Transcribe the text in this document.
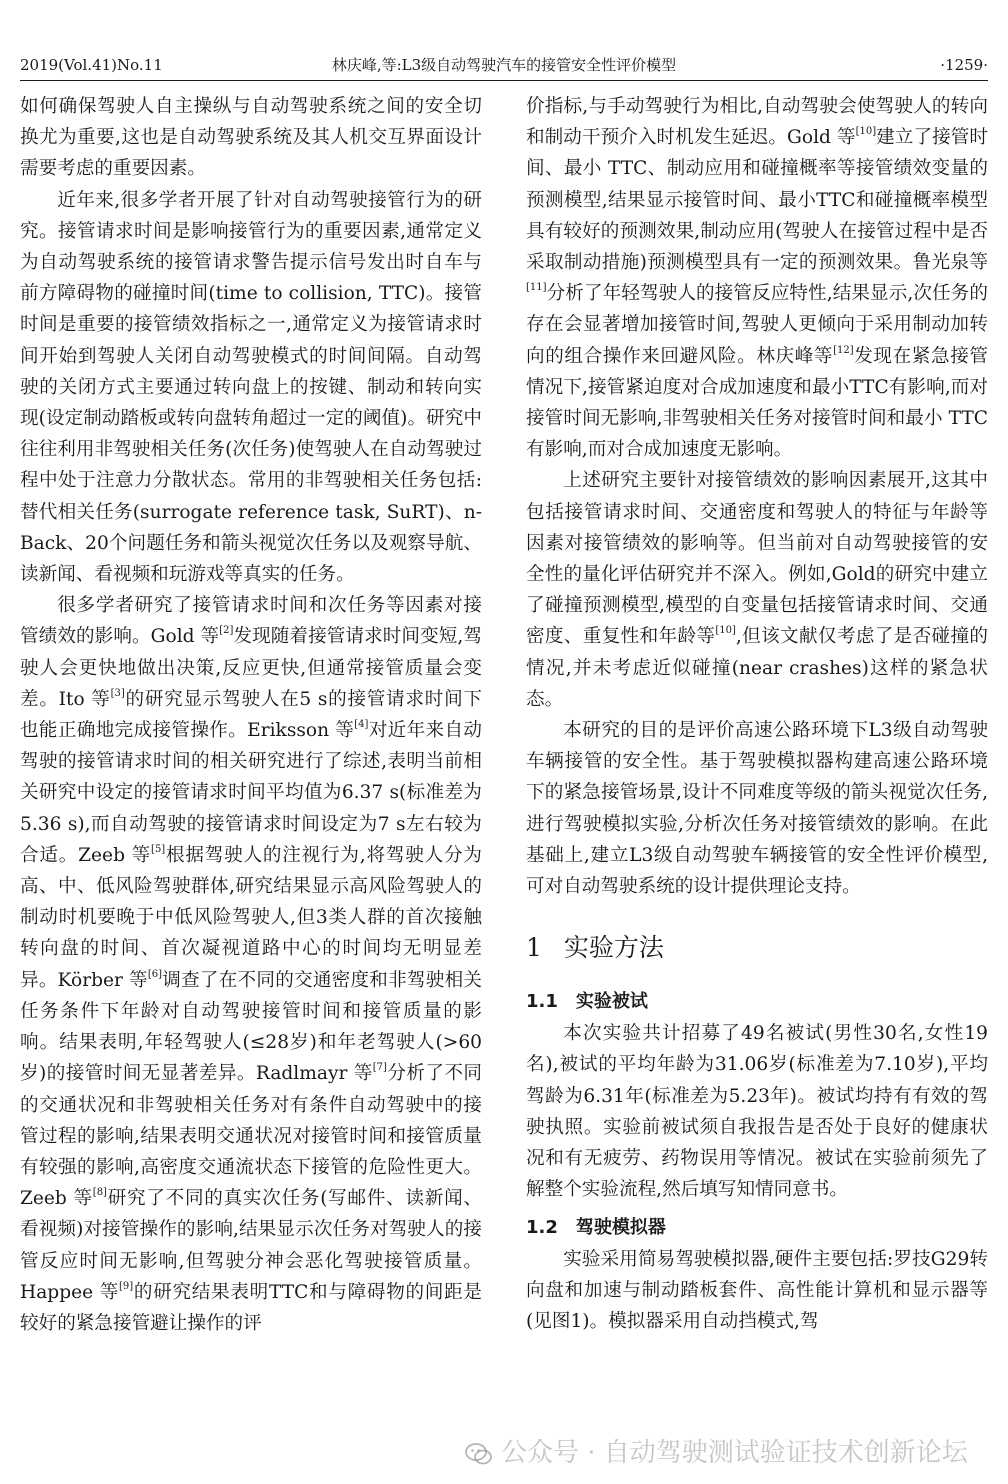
2019(Vol.41)No.11	林庆峰,等:L3级自动驾驶汽车的接管安全性评价模型	·1259·

如何确保驾驶人自主操纵与自动驾驶系统之间的安全切换尤为重要,这也是自动驾驶系统及其人机交互界面设计需要考虑的重要因素。

近年来,很多学者开展了针对自动驾驶接管行为的研究。接管请求时间是影响接管行为的重要因素,通常定义为自动驾驶系统的接管请求警告提示信号发出时自车与前方障碍物的碰撞时间(time to collision, TTC)。接管时间是重要的接管绩效指标之一,通常定义为接管请求时间开始到驾驶人关闭自动驾驶模式的时间间隔。自动驾驶的关闭方式主要通过转向盘上的按键、制动和转向实现(设定制动踏板或转向盘转角超过一定的阈值)。研究中往往利用非驾驶相关任务(次任务)使驾驶人在自动驾驶过程中处于注意力分散状态。常用的非驾驶相关任务包括:替代相关任务(surrogate reference task, SuRT)、n-Back、20个问题任务和箭头视觉次任务以及观察导航、读新闻、看视频和玩游戏等真实的任务。

很多学者研究了接管请求时间和次任务等因素对接管绩效的影响。Gold 等[2]发现随着接管请求时间变短,驾驶人会更快地做出决策,反应更快,但通常接管质量会变差。Ito 等[3]的研究显示驾驶人在5 s的接管请求时间下也能正确地完成接管操作。Eriksson 等[4]对近年来自动驾驶的接管请求时间的相关研究进行了综述,表明当前相关研究中设定的接管请求时间平均值为6.37 s(标准差为5.36 s),而自动驾驶的接管请求时间设定为7 s左右较为合适。Zeeb 等[5]根据驾驶人的注视行为,将驾驶人分为高、中、低风险驾驶群体,研究结果显示高风险驾驶人的制动时机要晚于中低风险驾驶人,但3类人群的首次接触转向盘的时间、首次凝视道路中心的时间均无明显差异。Körber 等[6]调查了在不同的交通密度和非驾驶相关任务条件下年龄对自动驾驶接管时间和接管质量的影响。结果表明,年轻驾驶人(≤28岁)和年老驾驶人(>60岁)的接管时间无显著差异。Radlmayr 等[7]分析了不同的交通状况和非驾驶相关任务对有条件自动驾驶中的接管过程的影响,结果表明交通状况对接管时间和接管质量有较强的影响,高密度交通流状态下接管的危险性更大。Zeeb 等[8]研究了不同的真实次任务(写邮件、读新闻、看视频)对接管操作的影响,结果显示次任务对驾驶人的接管反应时间无影响,但驾驶分神会恶化驾驶接管质量。Happee 等[9]的研究结果表明TTC和与障碍物的间距是较好的紧急接管避让操作的评

价指标,与手动驾驶行为相比,自动驾驶会使驾驶人的转向和制动干预介入时机发生延迟。Gold 等[10]建立了接管时间、最小 TTC、制动应用和碰撞概率等接管绩效变量的预测模型,结果显示接管时间、最小TTC和碰撞概率模型具有较好的预测效果,制动应用(驾驶人在接管过程中是否采取制动措施)预测模型具有一定的预测效果。鲁光泉等[11]分析了年轻驾驶人的接管反应特性,结果显示,次任务的存在会显著增加接管时间,驾驶人更倾向于采用制动加转向的组合操作来回避风险。林庆峰等[12]发现在紧急接管情况下,接管紧迫度对合成加速度和最小TTC有影响,而对接管时间无影响,非驾驶相关任务对接管时间和最小 TTC 有影响,而对合成加速度无影响。

上述研究主要针对接管绩效的影响因素展开,这其中包括接管请求时间、交通密度和驾驶人的特征与年龄等因素对接管绩效的影响等。但当前对自动驾驶接管的安全性的量化评估研究并不深入。例如,Gold的研究中建立了碰撞预测模型,模型的自变量包括接管请求时间、交通密度、重复性和年龄等[10],但该文献仅考虑了是否碰撞的情况,并未考虑近似碰撞(near crashes)这样的紧急状态。

本研究的目的是评价高速公路环境下L3级自动驾驶车辆接管的安全性。基于驾驶模拟器构建高速公路环境下的紧急接管场景,设计不同难度等级的箭头视觉次任务,进行驾驶模拟实验,分析次任务对接管绩效的影响。在此基础上,建立L3级自动驾驶车辆接管的安全性评价模型,可对自动驾驶系统的设计提供理论支持。

1 实验方法
1.1 实验被试

本次实验共计招募了49名被试(男性30名,女性19名),被试的平均年龄为31.06岁(标准差为7.10岁),平均驾龄为6.31年(标准差为5.23年)。被试均持有有效的驾驶执照。实验前被试须自我报告是否处于良好的健康状况和有无疲劳、药物误用等情况。被试在实验前须先了解整个实验流程,然后填写知情同意书。

1.2 驾驶模拟器

实验采用简易驾驶模拟器,硬件主要包括:罗技G29转向盘和加速与制动踏板套件、高性能计算机和显示器等(见图1)。模拟器采用自动挡模式,驾

公众号 · 自动驾驶测试验证技术创新论坛
